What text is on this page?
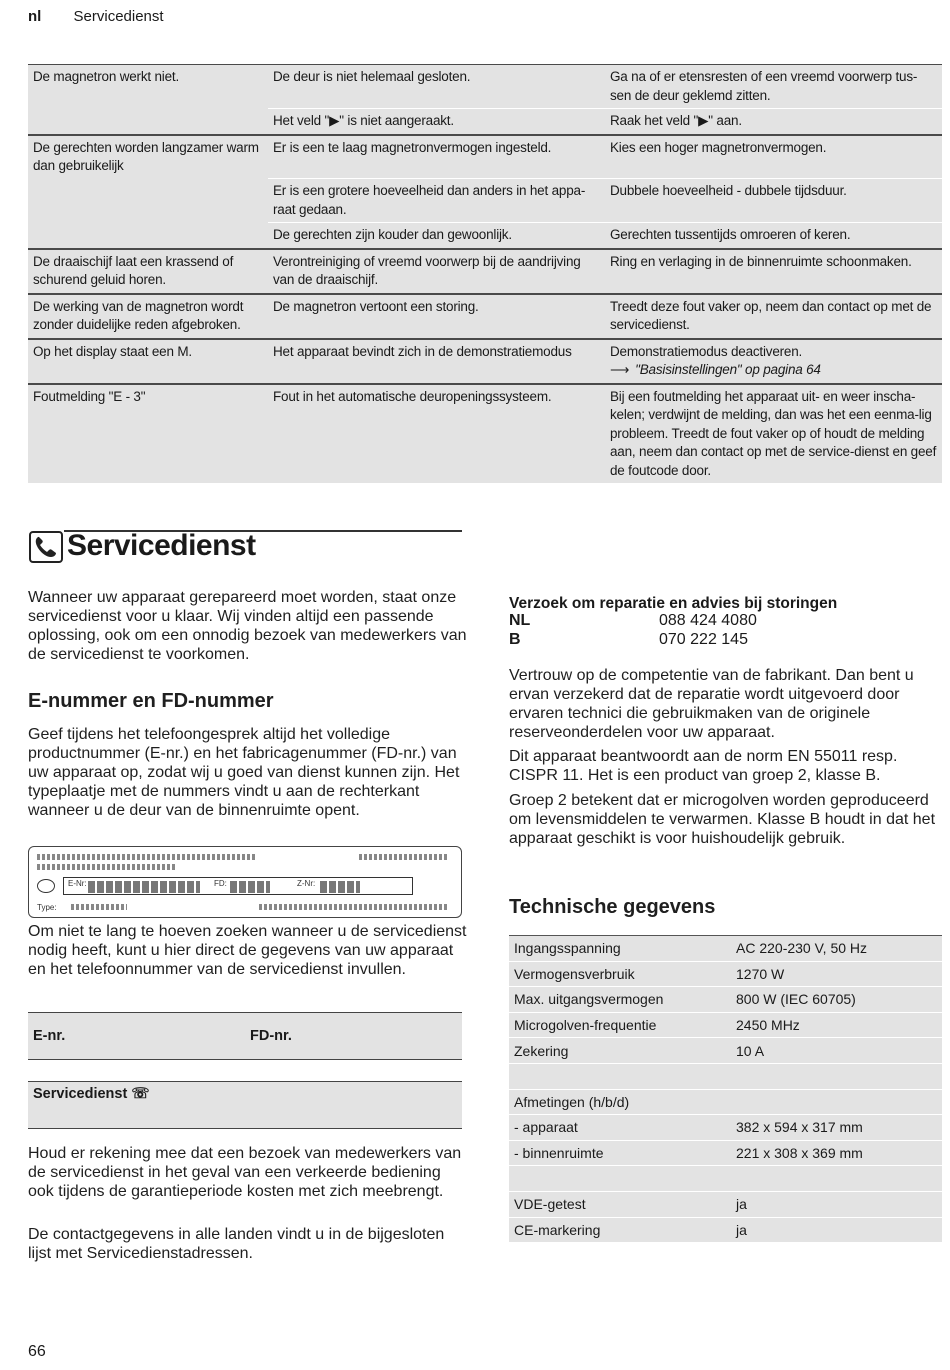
nl Servicedienst
De magnetron werkt niet.	De deur is niet helemaal gesloten.	Ga na of er etensresten of een vreemd voorwerp tus-sen de deur geklemd zitten.
	Het veld "▶" is niet aangeraakt.	Raak het veld "▶" aan.
De gerechten worden langzamer warm dan gebruikelijk	Er is een te laag magnetronvermogen ingesteld.	Kies een hoger magnetronvermogen.
	Er is een grotere hoeveelheid dan anders in het appa-raat gedaan.	Dubbele hoeveelheid - dubbele tijdsduur.
	De gerechten zijn kouder dan gewoonlijk.	Gerechten tussentijds omroeren of keren.
De draaischijf laat een krassend of schurend geluid horen.	Verontreiniging of vreemd voorwerp bij de aandrijving van de draaischijf.	Ring en verlaging in de binnenruimte schoonmaken.
De werking van de magnetron wordt zonder duidelijke reden afgebroken.	De magnetron vertoont een storing.	Treedt deze fout vaker op, neem dan contact op met de servicedienst.
Op het display staat een M.	Het apparaat bevindt zich in de demonstratiemodus	Demonstratiemodus deactiveren.
⟶ "Basisinstellingen" op pagina 64

Foutmelding "E - 3"	Fout in het automatische deuropeningssysteem.	Bij een foutmelding het apparaat uit- en weer inscha-kelen; verdwijnt de melding, dan was het een eenma-lig probleem. Treedt de fout vaker op of houdt de melding aan, neem dan contact op met de service-dienst en geef de foutcode door.
Servicedienst
Wanneer uw apparaat gerepareerd moet worden, staat onze servicedienst voor u klaar. Wij vinden altijd een passende oplossing, ook om een onnodig bezoek van medewerkers van de servicedienst te voorkomen.
E-nummer en FD-nummer
Geef tijdens het telefoongesprek altijd het volledige productnummer (E-nr.) en het fabricagenummer (FD-nr.) van uw apparaat op, zodat wij u goed van dienst kunnen zijn. Het typeplaatje met de nummers vindt u aan de rechterkant wanneer u de deur van de binnenruimte opent.
E-Nr:	FD:	Z-Nr:
Type:
Om niet te lang te hoeven zoeken wanneer u de servicedienst nodig heeft, kunt u hier direct de gegevens van uw apparaat en het telefoonnummer van de servicedienst invullen.
E-nr.	FD-nr.
Servicedienst ☏
Houd er rekening mee dat een bezoek van medewerkers van de servicedienst in het geval van een verkeerde bediening ook tijdens de garantieperiode kosten met zich meebrengt.
De contactgegevens in alle landen vindt u in de bijgesloten lijst met Servicedienstadressen.
Verzoek om reparatie en advies bij storingen
NL	088 424 4080
B	070 222 145
Vertrouw op de competentie van de fabrikant. Dan bent u ervan verzekerd dat de reparatie wordt uitgevoerd door ervaren technici die gebruikmaken van de originele reserveonderdelen voor uw apparaat.
Dit apparaat beantwoordt aan de norm EN 55011 resp. CISPR 11. Het is een product van groep 2, klasse B.
Groep 2 betekent dat er microgolven worden geproduceerd om levensmiddelen te verwarmen. Klasse B houdt in dat het apparaat geschikt is voor huishoudelijk gebruik.
Technische gegevens
Ingangsspanning	AC 220-230 V, 50 Hz
Vermogensverbruik	1270 W
Max. uitgangsvermogen	800 W (IEC 60705)
Microgolven-frequentie	2450 MHz
Zekering	10 A

Afmetingen (h/b/d)	
- apparaat	382 x 594 x 317 mm
- binnenruimte	221 x 308 x 369 mm

VDE-getest	ja
CE-markering	ja
66
